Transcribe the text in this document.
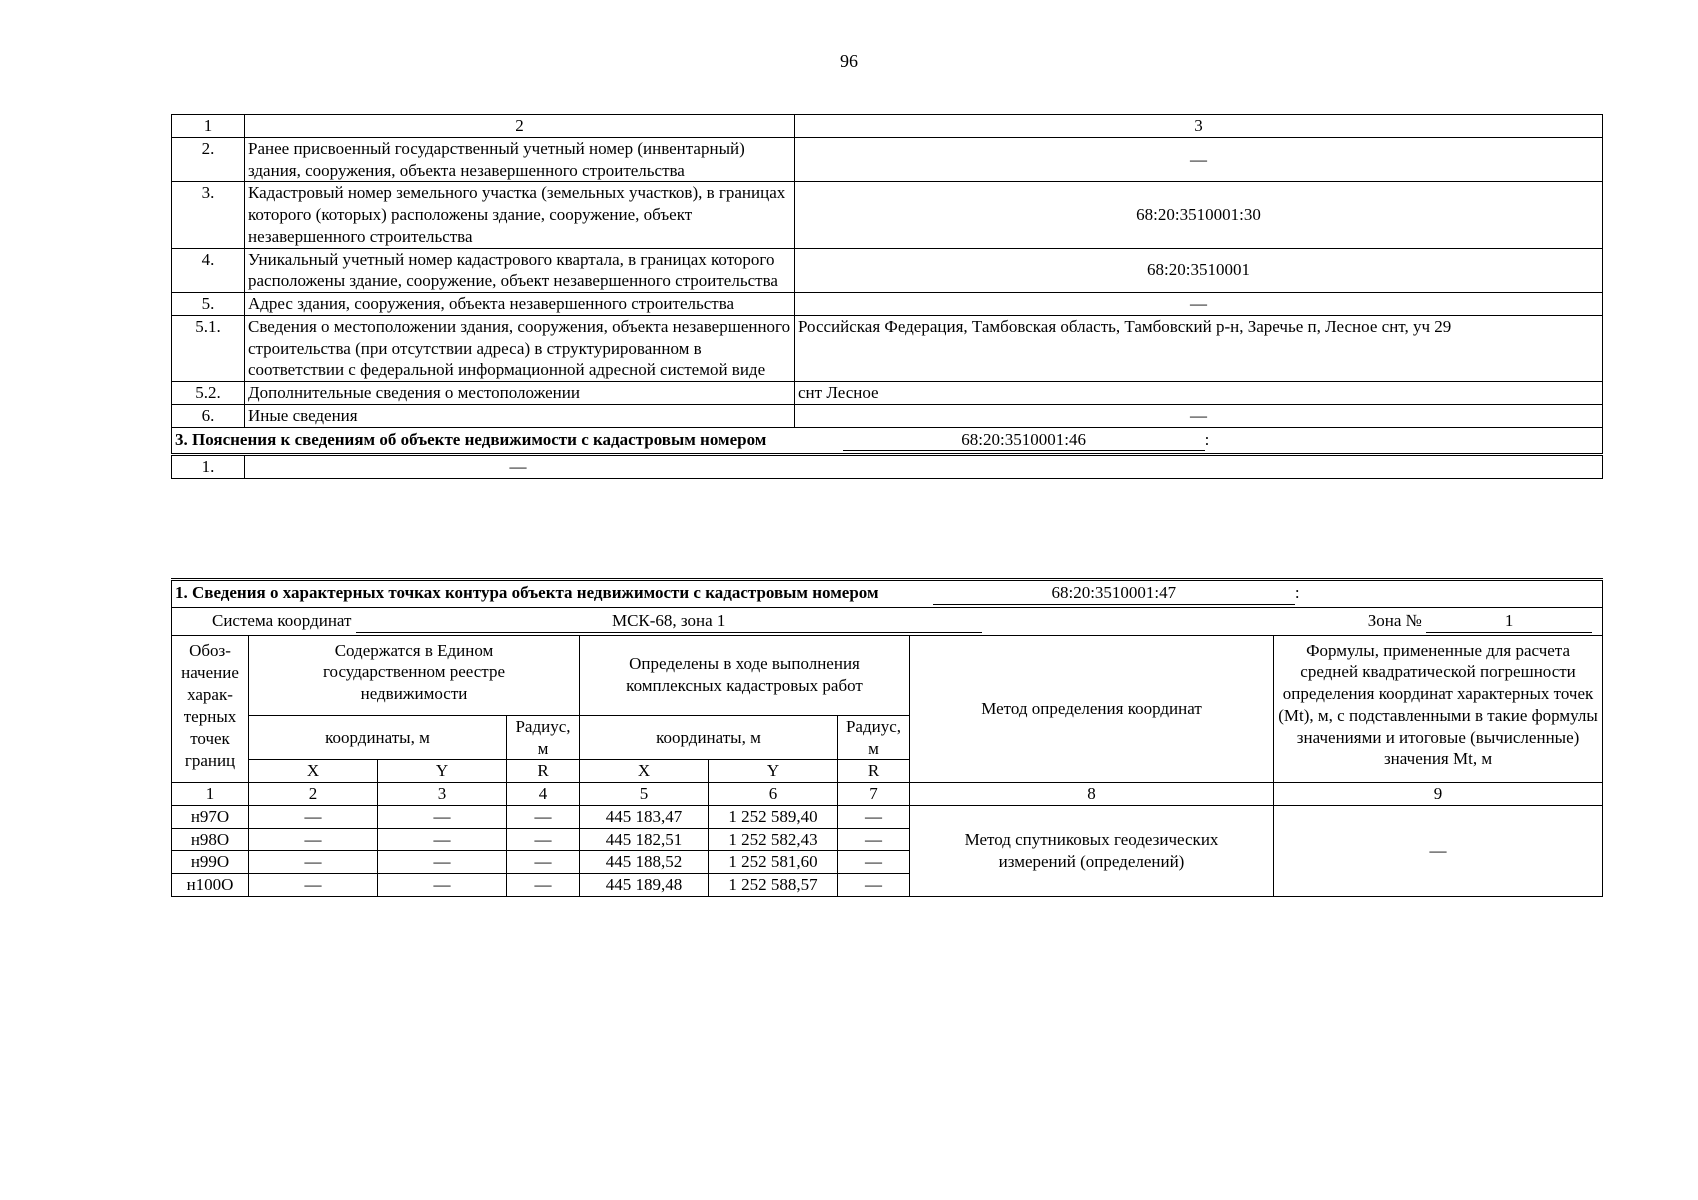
96
1	2	3
2.	Ранее присвоенный государственный учетный номер (инвентарный) здания, сооружения, объекта незавершенного строительства	—
3.	Кадастровый номер земельного участка (земельных участков), в границах которого (которых) расположены здание, сооружение, объект незавершенного строительства	68:20:3510001:30
4.	Уникальный учетный номер кадастрового квартала, в границах которого расположены здание, сооружение, объект незавершенного строительства	68:20:3510001
5.	Адрес здания, сооружения, объекта незавершенного строительства	—
5.1.	Сведения о местоположении здания, сооружения, объекта незавершенного строительства (при отсутствии адреса) в структурированном в соответствии с федеральной информационной адресной системой виде	Российская Федерация, Тамбовская область, Тамбовский р-н, Заречье п, Лесное снт, уч 29
5.2.	Дополнительные сведения о местоположении	снт Лесное
6.	Иные сведения	—
3. Пояснения к сведениям об объекте недвижимости с кадастровым номером 68:20:3510001:46 :		
1.	—	
1. Сведения о характерных точках контура объекта недвижимости с кадастровым номером 68:20:3510001:47 :								
Система координат МСК-68, зона 1 Зона № 1								

Обоз-начение харак-терных точек границ	Содержатся в Едином государственном реестре недвижимости			Определены в ходе выполнения комплексных кадастровых работ			Метод определения координат	Формулы, примененные для расчета средней квадратической погрешности определения координат характерных точек (Mt), м, с подставленными в такие формулы значениями и итоговые (вычисленные) значения Mt, м
	координаты, м		Радиус, м	координаты, м		Радиус, м		
	X	Y	R	X	Y	R		
1	2	3	4	5	6	7	8	9
н97О	—	—	—	445 183,47	1 252 589,40	—	Метод спутниковых геодезических измерений (определений)	—
н98О	—	—	—	445 182,51	1 252 582,43	—		
н99О	—	—	—	445 188,52	1 252 581,60	—		
н100О	—	—	—	445 189,48	1 252 588,57	—		
